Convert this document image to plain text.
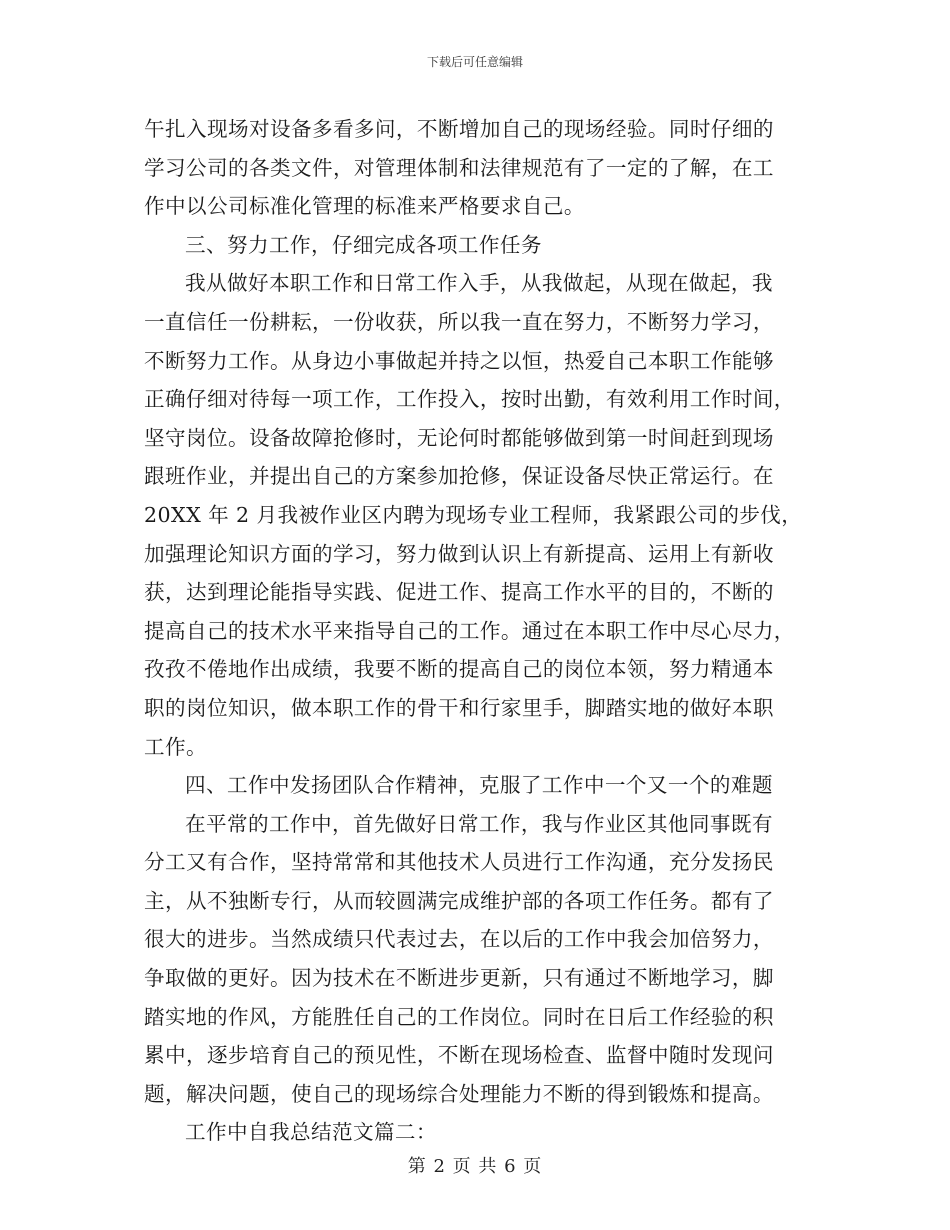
下载后可任意编辑
午扎入现场对设备多看多问，不断增加自己的现场经验。同时仔细的
学习公司的各类文件，对管理体制和法律规范有了一定的了解，在工
作中以公司标准化管理的标准来严格要求自己。
三、努力工作，仔细完成各项工作任务
我从做好本职工作和日常工作入手，从我做起，从现在做起，我
一直信任一份耕耘，一份收获，所以我一直在努力，不断努力学习，
不断努力工作。从身边小事做起并持之以恒，热爱自己本职工作能够
正确仔细对待每一项工作，工作投入，按时出勤，有效利用工作时间，
坚守岗位。设备故障抢修时，无论何时都能够做到第一时间赶到现场
跟班作业，并提出自己的方案参加抢修，保证设备尽快正常运行。在
20XX 年 2 月我被作业区内聘为现场专业工程师，我紧跟公司的步伐，
加强理论知识方面的学习，努力做到认识上有新提高、运用上有新收
获，达到理论能指导实践、促进工作、提高工作水平的目的，不断的
提高自己的技术水平来指导自己的工作。通过在本职工作中尽心尽力，
孜孜不倦地作出成绩，我要不断的提高自己的岗位本领，努力精通本
职的岗位知识，做本职工作的骨干和行家里手，脚踏实地的做好本职
工作。
四、工作中发扬团队合作精神，克服了工作中一个又一个的难题
在平常的工作中，首先做好日常工作，我与作业区其他同事既有
分工又有合作，坚持常常和其他技术人员进行工作沟通，充分发扬民
主，从不独断专行，从而较圆满完成维护部的各项工作任务。都有了
很大的进步。当然成绩只代表过去，在以后的工作中我会加倍努力，
争取做的更好。因为技术在不断进步更新，只有通过不断地学习，脚
踏实地的作风，方能胜任自己的工作岗位。同时在日后工作经验的积
累中，逐步培育自己的预见性，不断在现场检查、监督中随时发现问
题，解决问题，使自己的现场综合处理能力不断的得到锻炼和提高。
工作中自我总结范文篇二：
第 2 页 共 6 页
